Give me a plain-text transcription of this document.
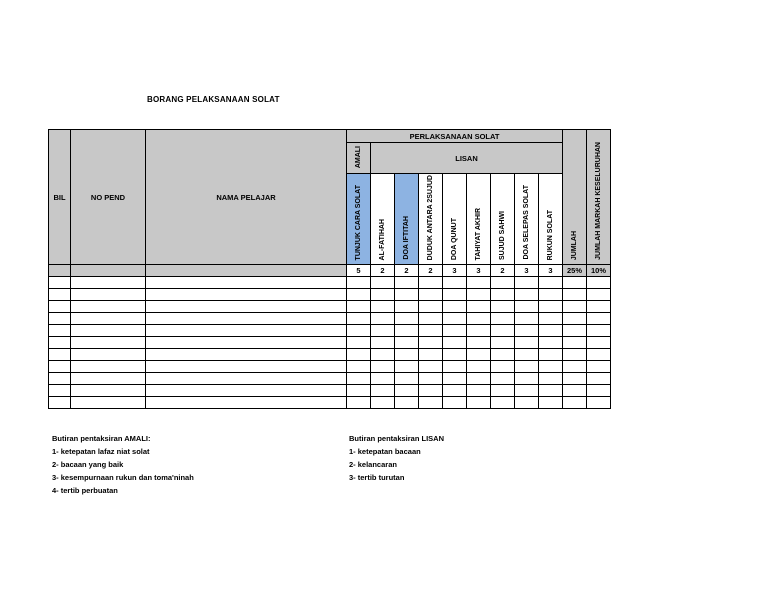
BORANG PELAKSANAAN SOLAT
BIL	NO PEND	NAMA PELAJAR	PERLAKSANAAN SOLAT									JUMLAH	JUMLAH MARKAH KESELURUHAN
			AMALI	LISAN									
			TUNJUK CARA SOLAT	AL-FATIHAH	DOA IFTITAH	DUDUK ANTARA 2SUJUD	DOA QUNUT	TAHIYAT AKHIR	SUJUD SAHWI	DOA SELEPAS SOLAT	RUKUN SOLAT		
			5	2	2	2	3	3	2	3	3	25%	10%

Butiran pentaksiran AMALI:
1- ketepatan lafaz niat solat
2- bacaan yang baik
3- kesempurnaan rukun dan toma'ninah
4- tertib perbuatan
Butiran pentaksiran LISAN
1- ketepatan bacaan
2- kelancaran
3- tertib turutan
